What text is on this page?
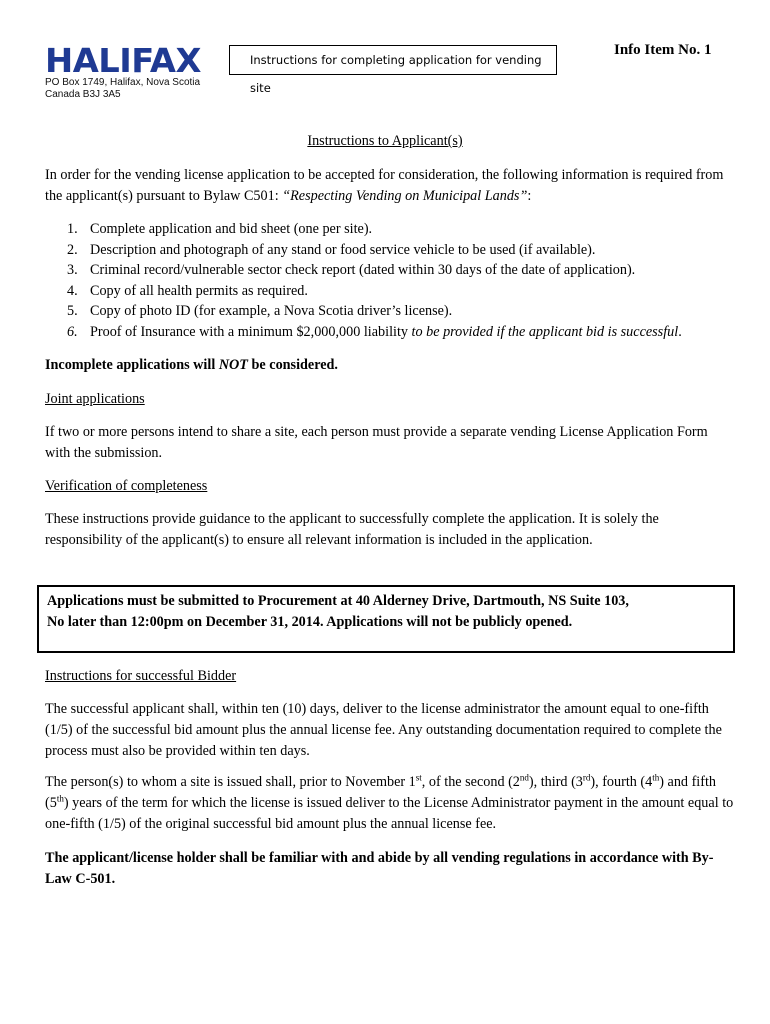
HALIFAX
PO Box 1749, Halifax, Nova Scotia
Canada B3J 3A5
Instructions for completing application for vending site
Info Item No. 1
Instructions to Applicant(s)
In order for the vending license application to be accepted for consideration, the following information is required from the applicant(s) pursuant to Bylaw C501: “Respecting Vending on Municipal Lands”:
1. Complete application and bid sheet (one per site).
2. Description and photograph of any stand or food service vehicle to be used (if available).
3. Criminal record/vulnerable sector check report (dated within 30 days of the date of application).
4. Copy of all health permits as required.
5. Copy of photo ID (for example, a Nova Scotia driver’s license).
6. Proof of Insurance with a minimum $2,000,000 liability to be provided if the applicant bid is successful.
Incomplete applications will NOT be considered.
Joint applications
If two or more persons intend to share a site, each person must provide a separate vending License Application Form with the submission.
Verification of completeness
These instructions provide guidance to the applicant to successfully complete the application. It is solely the responsibility of the applicant(s) to ensure all relevant information is included in the application.
Applications must be submitted to Procurement at 40 Alderney Drive, Dartmouth, NS Suite 103,
No later than 12:00pm on December 31, 2014. Applications will not be publicly opened.
Instructions for successful Bidder
The successful applicant shall, within ten (10) days, deliver to the license administrator the amount equal to one-fifth (1/5) of the successful bid amount plus the annual license fee. Any outstanding documentation required to complete the process must also be provided within ten days.
The person(s) to whom a site is issued shall, prior to November 1st, of the second (2nd), third (3rd), fourth (4th) and fifth (5th) years of the term for which the license is issued deliver to the License Administrator payment in the amount equal to one-fifth (1/5) of the original successful bid amount plus the annual license fee.
The applicant/license holder shall be familiar with and abide by all vending regulations in accordance with By-Law C-501.
